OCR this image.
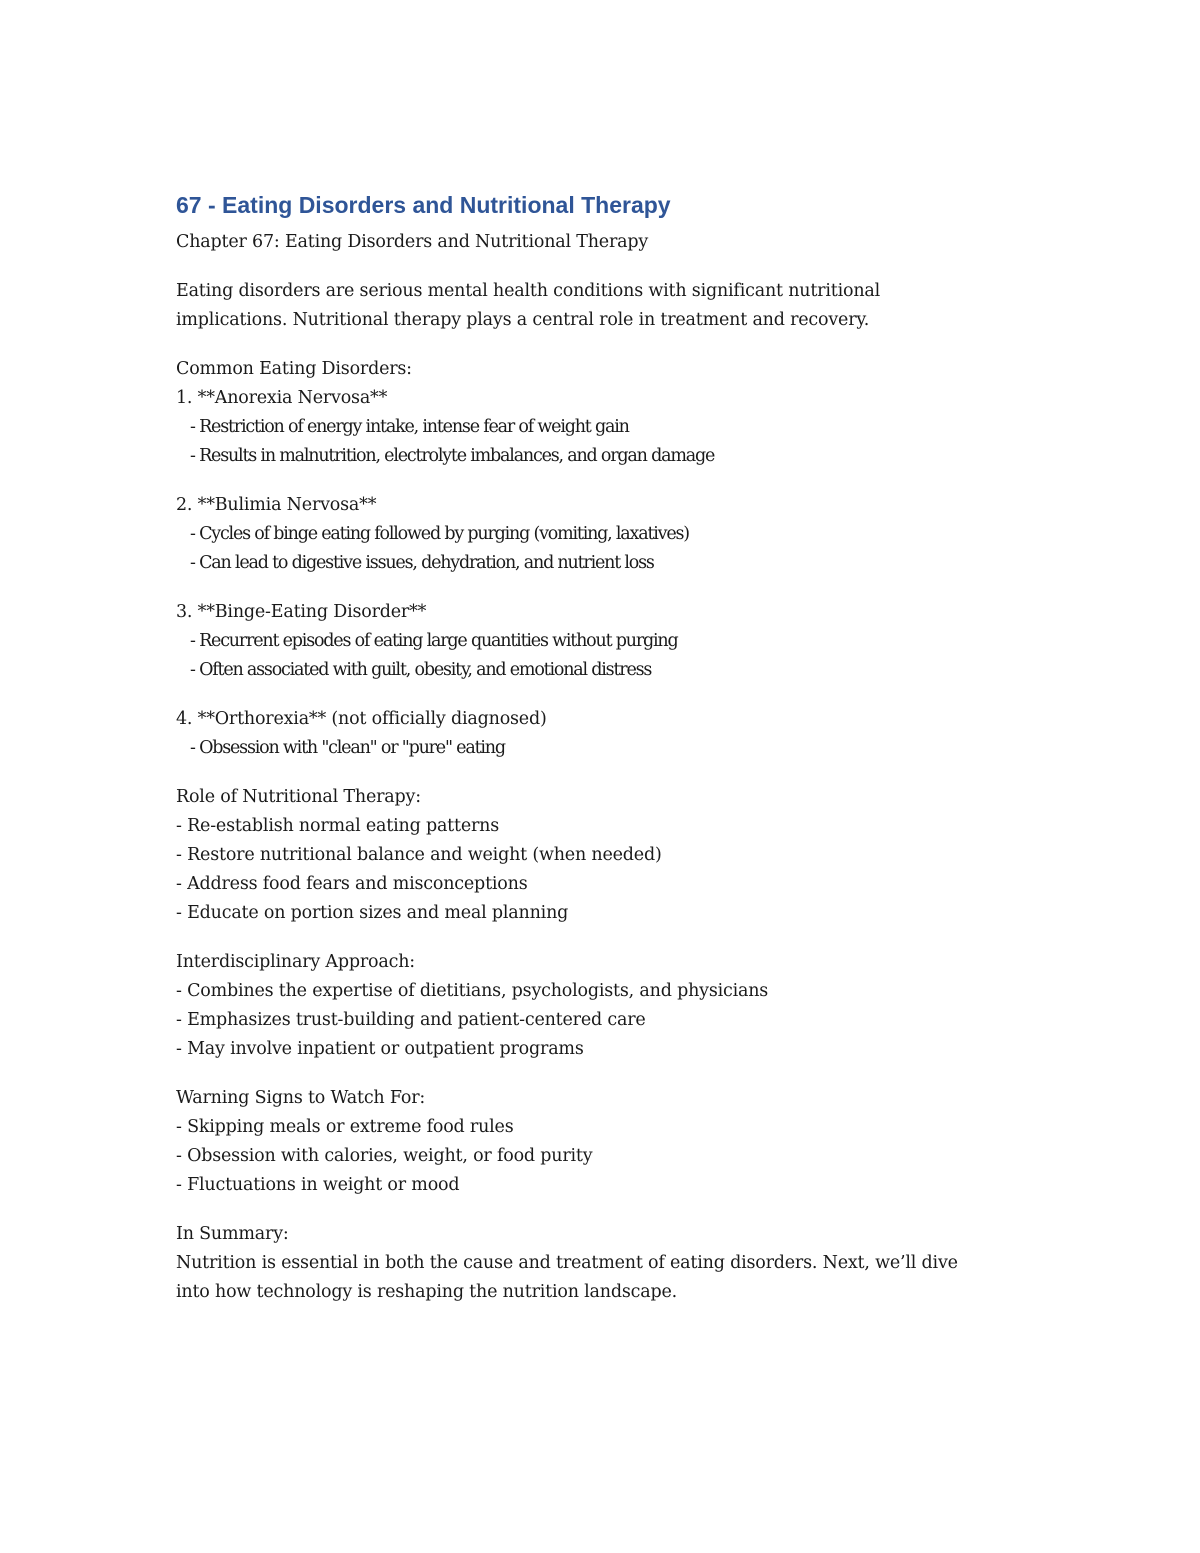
67 - Eating Disorders and Nutritional Therapy
Chapter 67: Eating Disorders and Nutritional Therapy
Eating disorders are serious mental health conditions with significant nutritional
implications. Nutritional therapy plays a central role in treatment and recovery.
Common Eating Disorders:
1. **Anorexia Nervosa**
- Restriction of energy intake, intense fear of weight gain
- Results in malnutrition, electrolyte imbalances, and organ damage
2. **Bulimia Nervosa**
- Cycles of binge eating followed by purging (vomiting, laxatives)
- Can lead to digestive issues, dehydration, and nutrient loss
3. **Binge-Eating Disorder**
- Recurrent episodes of eating large quantities without purging
- Often associated with guilt, obesity, and emotional distress
4. **Orthorexia** (not officially diagnosed)
- Obsession with "clean" or "pure" eating
Role of Nutritional Therapy:
- Re-establish normal eating patterns
- Restore nutritional balance and weight (when needed)
- Address food fears and misconceptions
- Educate on portion sizes and meal planning
Interdisciplinary Approach:
- Combines the expertise of dietitians, psychologists, and physicians
- Emphasizes trust-building and patient-centered care
- May involve inpatient or outpatient programs
Warning Signs to Watch For:
- Skipping meals or extreme food rules
- Obsession with calories, weight, or food purity
- Fluctuations in weight or mood
In Summary:
Nutrition is essential in both the cause and treatment of eating disorders. Next, we’ll dive
into how technology is reshaping the nutrition landscape.
